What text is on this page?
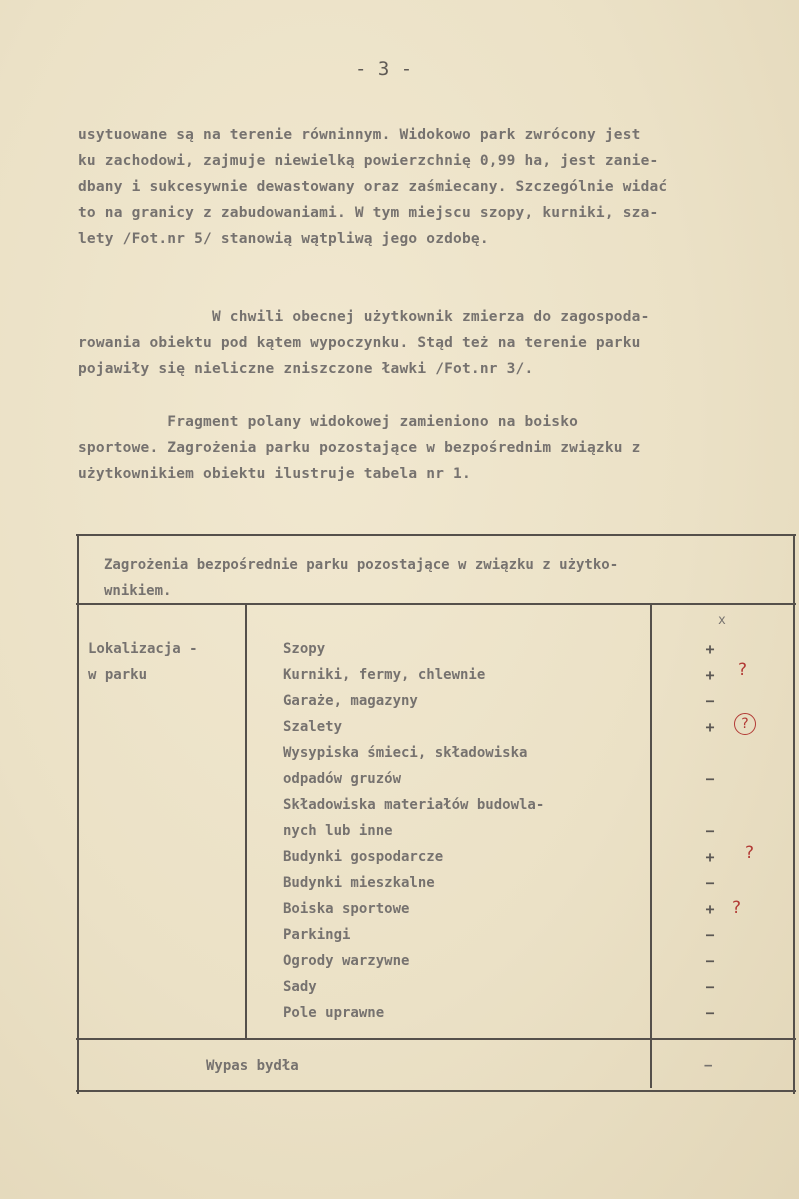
- 3 -

usytuowane są na terenie równinnym. Widokowo park zwrócony jest
ku zachodowi, zajmuje niewielką powierzchnię 0,99 ha, jest zanie-
dbany i sukcesywnie dewastowany oraz zaśmiecany. Szczególnie widać
to na granicy z zabudowaniami. W tym miejscu szopy, kurniki, sza-
lety /Fot.nr 5/ stanowią wątpliwą jego ozdobę.

W chwili obecnej użytkownik zmierza do zagospoda-
rowania obiektu pod kątem wypoczynku. Stąd też na terenie parku
pojawiły się nieliczne zniszczone ławki /Fot.nr 3/.

Fragment polany widokowej zamieniono na boisko
sportowe. Zagrożenia parku pozostające w bezpośrednim związku z
użytkownikiem obiektu ilustruje tabela nr 1.

Zagrożenia bezpośrednie parku pozostające w związku z użytko-
wnikiem.
x
Lokalizacja -
w parku
Szopy
Kurniki, fermy, chlewnie
Garaże, magazyny
Szalety
Wysypiska śmieci, składowiska
odpadów gruzów
Składowiska materiałów budowla-
nych lub inne
Budynki gospodarcze
Budynki mieszkalne
Boiska sportowe
Parkingi
Ogrody warzywne
Sady
Pole uprawne
+
+
−
+
−
−
+
−
+
−
−
−
−
Wypas bydła	−
?
?
?
?
